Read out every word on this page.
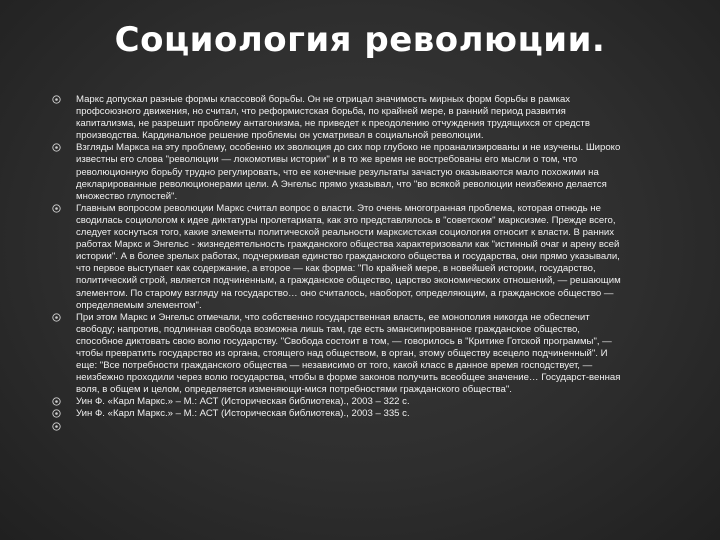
Социология революции.
Маркс допускал разные формы классовой борьбы. Он не отрицал значимость мирных форм борьбы в рамках профсоюзного движения, но считал, что реформистская борьба, по крайней мере, в ранний период развития капитализма, не разрешит проблему антагонизма, не приведет к преодолению отчуждения трудящихся от средств производства. Кардинальное решение проблемы он усматривал в социальной революции.
Взгляды Маркса на эту проблему, особенно их эволюция до сих пор глубоко не проанализированы и не изучены. Широко известны его слова "революции — локомотивы истории" и в то же время не востребованы его мысли о том, что революционную борьбу трудно регулировать, что ее конечные результаты зачастую оказываются мало похожими на декларированные революционерами цели. А Энгельс прямо указывал, что "во всякой революции неизбежно делается множество глупостей".
Главным вопросом революции Маркс считал вопрос о власти. Это очень многогранная проблема, которая отнюдь не сводилась социологом к идее диктатуры пролетариата, как это представлялось в "советском" марксизме. Прежде всего, следует коснуться того, какие элементы политической реальности марксистская социология относит к власти. В ранних работах Маркс и Энгельс - жизнедеятельность гражданского общества характеризовали как "истинный очаг и арену всей истории". А в более зрелых работах, подчеркивая единство гражданского общества и государства, они прямо указывали, что первое выступает как cодержание, а второе — как форма: "По крайней мере, в новейшей истории, государство, политический строй, является подчиненным, а гражданское общество, царство экономических отношений, — решающим элементом. По старому взгляду на государство… оно считалось, наоборот, определяющим, а гражданское общество — определяемым элементом".
При этом Маркс и Энгельс отмечали, что собственно государственная власть, ее монополия никогда не обеспечит свободу; напротив, подлинная свобода возможна лишь там, где есть эмансипированное гражданское общество, способное диктовать свою волю государству. "Свобода состоит в том, — говорилось в "Критике Готской программы", — чтобы превратить государство из органа, стоящего над обществом, в орган, этому обществу всецело подчиненный". И еще: "Все потребности гражданского общества — независимо от того, какой класс в данное время господствует, — неизбежно проходили через волю государства, чтобы в форме законов получить всеобщее значение… Государст-венная воля, в общем и целом, определяется изменяющи-мися потребностями гражданского общества".
Уин Ф. «Карл Маркс.» – М.: АСТ (Историческая библиотека)., 2003 – 322 с.
Уин Ф. «Карл Маркс.» – М.: АСТ (Историческая библиотека)., 2003 – 335 с.
